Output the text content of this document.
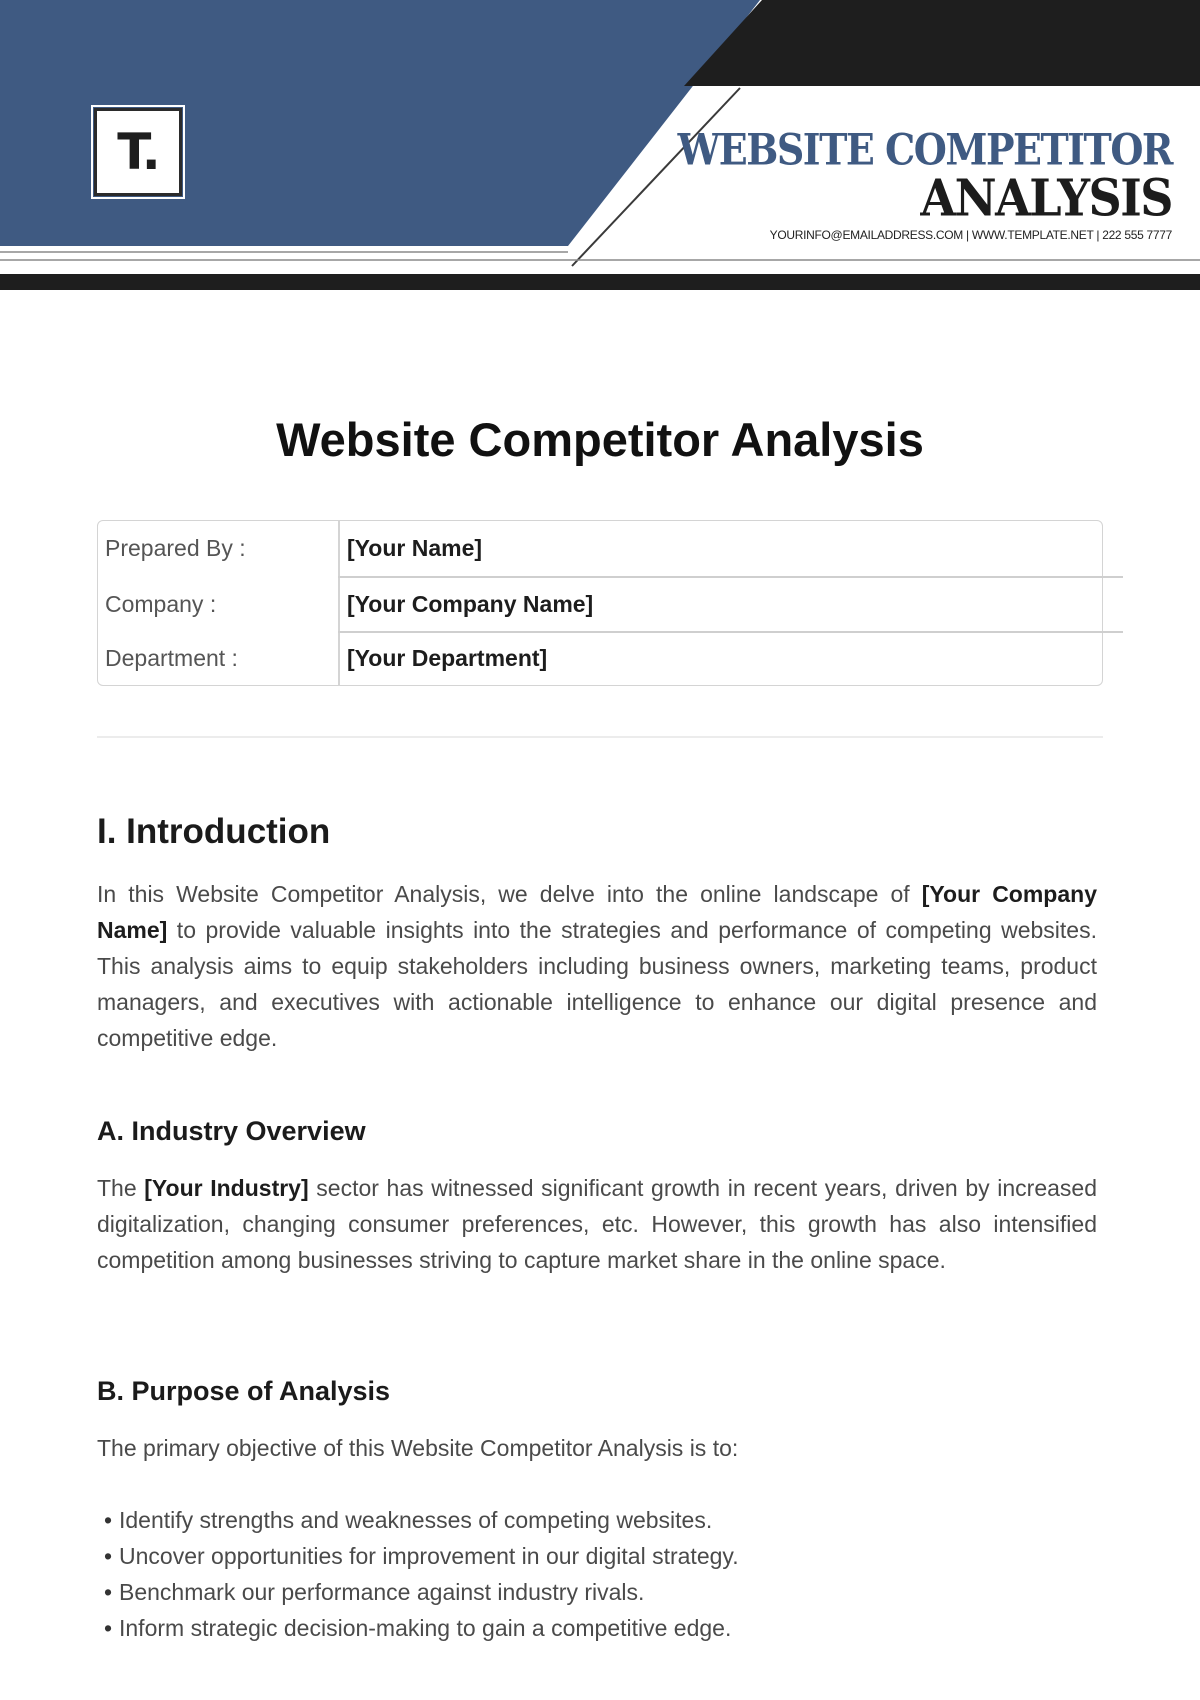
T.	WEBSITE COMPETITOR

ANALYSIS

YOURINFO@EMAILADDRESS.COM | WWW.TEMPLATE.NET | 222 555 7777

Website Competitor Analysis
Prepared By :	[Your Name]
Company :	[Your Company Name]
Department :	[Your Department]
I. Introduction

In this Website Competitor Analysis, we delve into the online landscape of [Your Company Name] to provide valuable insights into the strategies and performance of competing websites. This analysis aims to equip stakeholders including business owners, marketing teams, product managers, and executives with actionable intelligence to enhance our digital presence and competitive edge.

A. Industry Overview

The [Your Industry] sector has witnessed significant growth in recent years, driven by increased digitalization, changing consumer preferences, etc. However, this growth has also intensified competition among businesses striving to capture market share in the online space.

B. Purpose of Analysis

The primary objective of this Website Competitor Analysis is to:

• Identify strengths and weaknesses of competing websites.
• Uncover opportunities for improvement in our digital strategy.
• Benchmark our performance against industry rivals.
• Inform strategic decision-making to gain a competitive edge.
